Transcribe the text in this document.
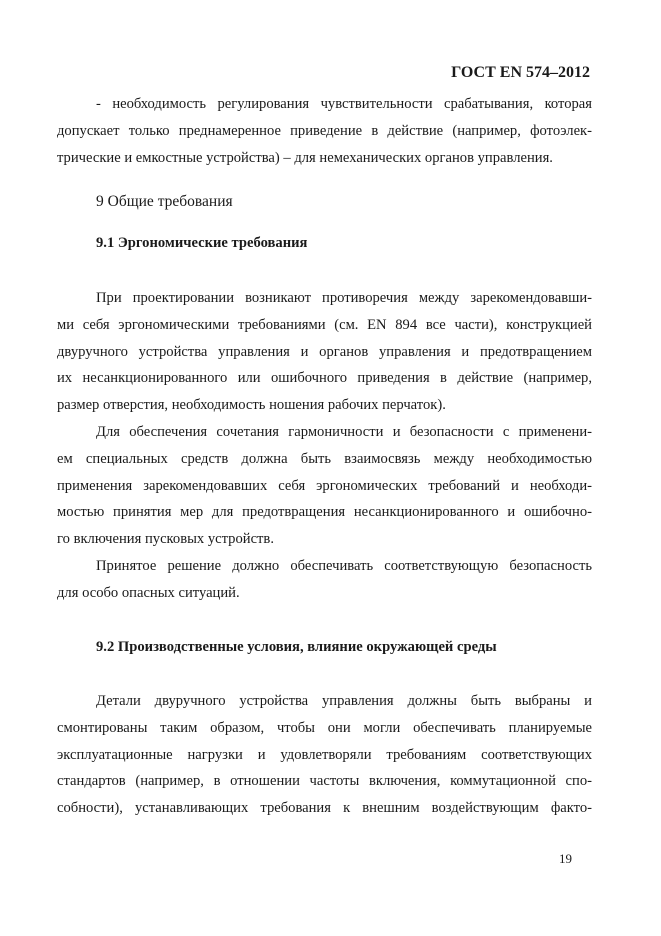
ГОСТ EN 574–2012
- необходимость регулирования чувствительности срабатывания, которая
допускает только преднамеренное приведение в действие (например, фотоэлек-
трические и емкостные устройства) – для немеханических органов управления.
9 Общие требования
9.1 Эргономические требования
При проектировании возникают противоречия между зарекомендовавши-
ми себя эргономическими требованиями (см. EN 894 все части), конструкцией
двуручного устройства управления и органов управления и предотвращением
их несанкционированного или ошибочного приведения в действие (например,
размер отверстия, необходимость ношения рабочих перчаток).
Для обеспечения сочетания гармоничности и безопасности с применени-
ем специальных средств должна быть взаимосвязь между необходимостью
применения зарекомендовавших себя эргономических требований и необходи-
мостью принятия мер для предотвращения несанкционированного и ошибочно-
го включения пусковых устройств.
Принятое решение должно обеспечивать соответствующую безопасность
для особо опасных ситуаций.
9.2 Производственные условия, влияние окружающей среды
Детали двуручного устройства управления должны быть выбраны и
смонтированы таким образом, чтобы они могли обеспечивать планируемые
эксплуатационные нагрузки и удовлетворяли требованиям соответствующих
стандартов (например, в отношении частоты включения, коммутационной спо-
собности), устанавливающих требования к внешним воздействующим факто-
19
